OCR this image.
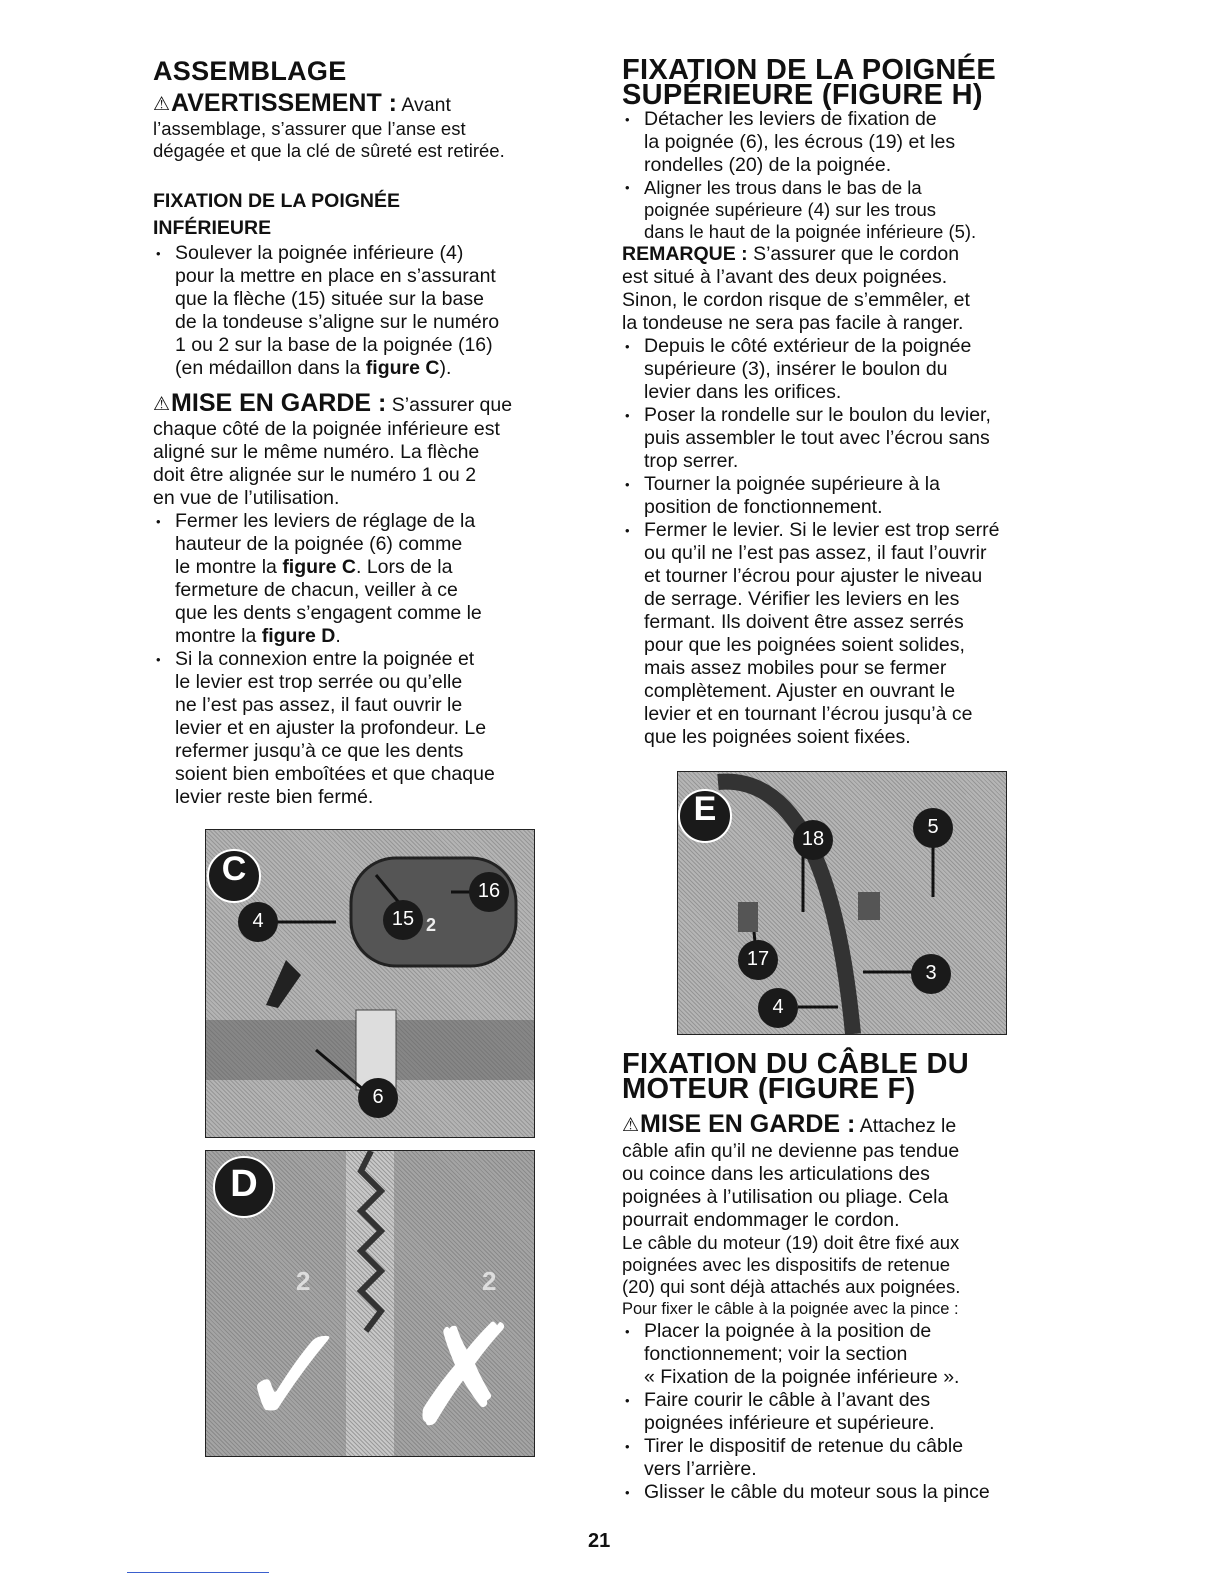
ASSEMBLAGE

⚠AVERTISSEMENT : Avant

l’assemblage, s’assurer que l’anse est

dégagée et que la clé de sûreté est retirée.

FIXATION DE LA POIGNÉE
INFÉRIEURE
• Soulever la poignée inférieure (4)
pour la mettre en place en s’assurant
que la flèche (15) située sur la base
de la tondeuse s’aligne sur le numéro
1 ou 2 sur la base de la poignée (16)
(en médaillon dans la figure C).

⚠MISE EN GARDE : S’assurer que

chaque côté de la poignée inférieure est

aligné sur le même numéro. La flèche

doit être alignée sur le numéro 1 ou 2

en vue de l’utilisation.

• Fermer les leviers de réglage de la
hauteur de la poignée (6) comme
le montre la figure C. Lors de la
fermeture de chacun, veiller à ce
que les dents s’engagent comme le
montre la figure D.
• Si la connexion entre la poignée et
le levier est trop serrée ou qu’elle
ne l’est pas assez, il faut ouvrir le
levier et en ajuster la profondeur. Le
refermer jusqu’à ce que les dents
soient bien emboîtées et que chaque
levier reste bien fermé.
C
4	15
16
6
2
D
2	2
✓ ✗
FIXATION DE LA POIGNÉE
SUPÉRIEURE (FIGURE H)
• Détacher les leviers de fixation de
la poignée (6), les écrous (19) et les
rondelles (20) de la poignée.
• Aligner les trous dans le bas de la
poignée supérieure (4) sur les trous
dans le haut de la poignée inférieure (5).

REMARQUE : S’assurer que le cordon

est situé à l’avant des deux poignées.

Sinon, le cordon risque de s’emmêler, et

la tondeuse ne sera pas facile à ranger.

• Depuis le côté extérieur de la poignée
supérieure (3), insérer le boulon du
levier dans les orifices.
• Poser la rondelle sur le boulon du levier,
puis assembler le tout avec l’écrou sans
trop serrer.
• Tourner la poignée supérieure à la
position de fonctionnement.
• Fermer le levier. Si le levier est trop serré
ou qu’il ne l’est pas assez, il faut l’ouvrir
et tourner l’écrou pour ajuster le niveau
de serrage. Vérifier les leviers en les
fermant. Ils doivent être assez serrés
pour que les poignées soient solides,
mais assez mobiles pour se fermer
complètement. Ajuster en ouvrant le
levier et en tournant l’écrou jusqu’à ce
que les poignées soient fixées.
E
18
5
17
3
4
FIXATION DU CÂBLE DU
MOTEUR (FIGURE F)

⚠MISE EN GARDE : Attachez le

câble afin qu’il ne devienne pas tendue

ou coince dans les articulations des

poignées à l’utilisation ou pliage. Cela

pourrait endommager le cordon.

Le câble du moteur (19) doit être fixé aux

poignées avec les dispositifs de retenue

(20) qui sont déjà attachés aux poignées.

Pour fixer le câble à la poignée avec la pince :

• Placer la poignée à la position de
fonctionnement; voir la section
« Fixation de la poignée inférieure ».
• Faire courir le câble à l’avant des
poignées inférieure et supérieure.
• Tirer le dispositif de retenue du câble
vers l’arrière.
• Glisser le câble du moteur sous la pince
21
